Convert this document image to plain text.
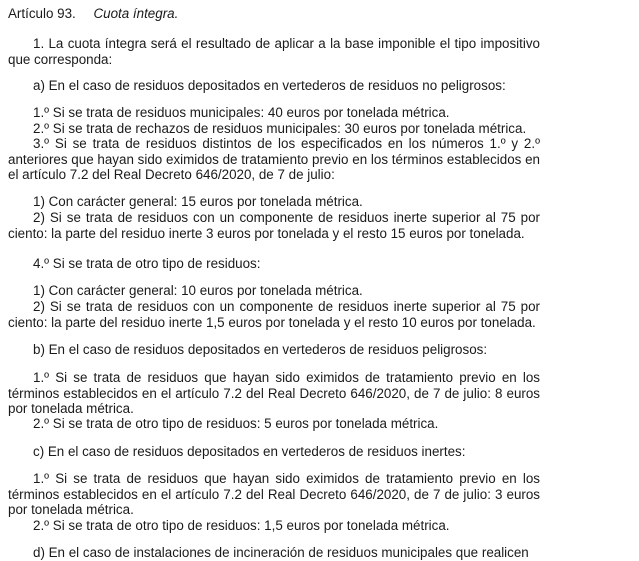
Artículo 93. Cuota íntegra.

1. La cuota íntegra será el resultado de aplicar a la base imponible el tipo impositivo que corresponda:

a) En el caso de residuos depositados en vertederos de residuos no peligrosos:

1.º Si se trata de residuos municipales: 40 euros por tonelada métrica.

2.º Si se trata de rechazos de residuos municipales: 30 euros por tonelada métrica.

3.º Si se trata de residuos distintos de los especificados en los números 1.º y 2.º anteriores que hayan sido eximidos de tratamiento previo en los términos establecidos en el artículo 7.2 del Real Decreto 646/2020, de 7 de julio:

1) Con carácter general: 15 euros por tonelada métrica.

2) Si se trata de residuos con un componente de residuos inerte superior al 75 por ciento: la parte del residuo inerte 3 euros por tonelada y el resto 15 euros por tonelada.

4.º Si se trata de otro tipo de residuos:

1) Con carácter general: 10 euros por tonelada métrica.

2) Si se trata de residuos con un componente de residuos inerte superior al 75 por ciento: la parte del residuo inerte 1,5 euros por tonelada y el resto 10 euros por tonelada.

b) En el caso de residuos depositados en vertederos de residuos peligrosos:

1.º Si se trata de residuos que hayan sido eximidos de tratamiento previo en los términos establecidos en el artículo 7.2 del Real Decreto 646/2020, de 7 de julio: 8 euros por tonelada métrica.

2.º Si se trata de otro tipo de residuos: 5 euros por tonelada métrica.

c) En el caso de residuos depositados en vertederos de residuos inertes:

1.º Si se trata de residuos que hayan sido eximidos de tratamiento previo en los términos establecidos en el artículo 7.2 del Real Decreto 646/2020, de 7 de julio: 3 euros por tonelada métrica.

2.º Si se trata de otro tipo de residuos: 1,5 euros por tonelada métrica.

d) En el caso de instalaciones de incineración de residuos municipales que realicen
